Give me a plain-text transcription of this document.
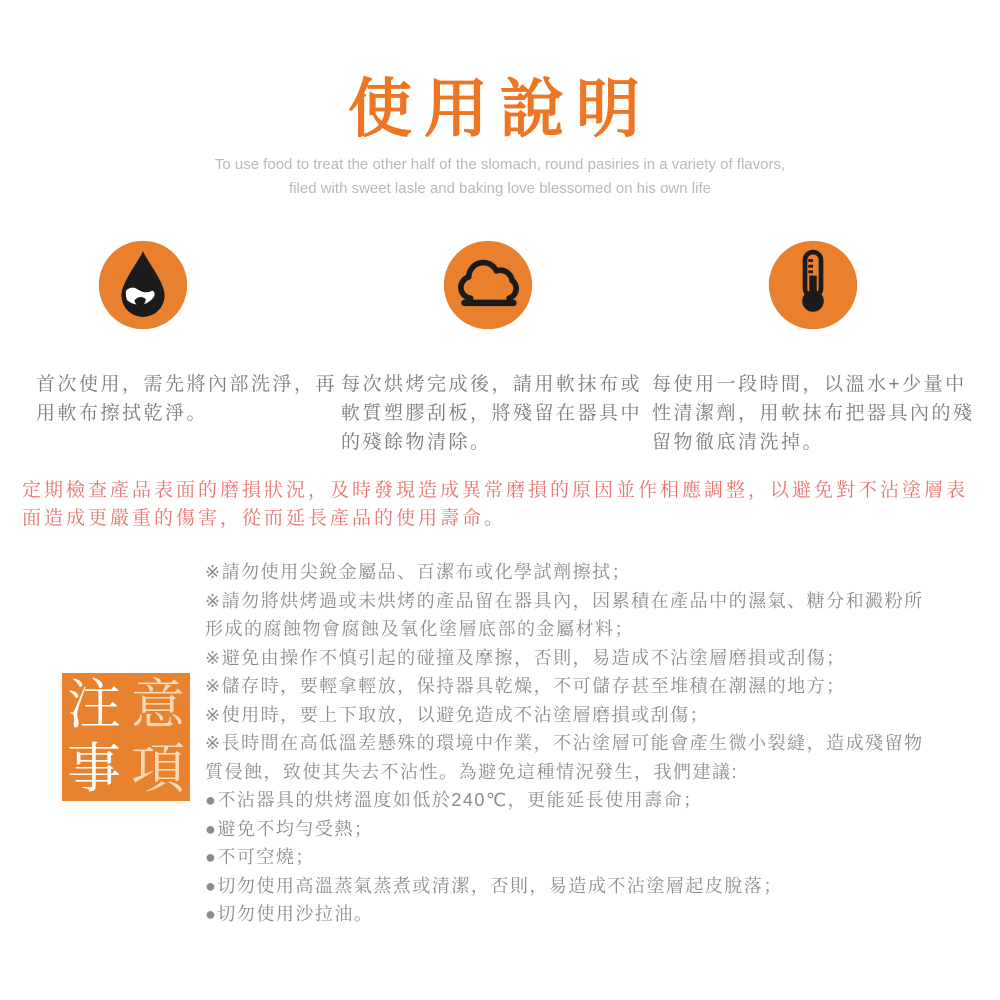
使用說明
To use food to treat the other half of the slomach, round pasiries in a variety of flavors,
filed with sweet lasle and baking love blessomed on his own life
首次使用，需先將內部洗淨，再用軟布擦拭乾淨。
每次烘烤完成後，請用軟抹布或軟質塑膠刮板，將殘留在器具中的殘餘物清除。
每使用一段時間，以溫水+少量中性清潔劑，用軟抹布把器具內的殘留物徹底清洗掉。
定期檢查產品表面的磨損狀況，及時發現造成異常磨損的原因並作相應調整，以避免對不沾塗層表面造成更嚴重的傷害，從而延長產品的使用壽命。
注 意
事 項

※請勿使用尖銳金屬品、百潔布或化學試劑擦拭；

※請勿將烘烤過或未烘烤的產品留在器具內，因累積在產品中的濕氣、糖分和澱粉所形成的腐蝕物會腐蝕及氧化塗層底部的金屬材料；

※避免由操作不慎引起的碰撞及摩擦，否則，易造成不沾塗層磨損或刮傷；

※儲存時，要輕拿輕放，保持器具乾燥，不可儲存甚至堆積在潮濕的地方；

※使用時，要上下取放，以避免造成不沾塗層磨損或刮傷；

※長時間在高低溫差懸殊的環境中作業，不沾塗層可能會產生微小裂縫，造成殘留物質侵蝕，致使其失去不沾性。為避免這種情況發生，我們建議:

●不沾器具的烘烤溫度如低於240℃，更能延長使用壽命；

●避免不均勻受熱；

●不可空燒；

●切勿使用高溫蒸氣蒸煮或清潔，否則，易造成不沾塗層起皮脫落；

●切勿使用沙拉油。
